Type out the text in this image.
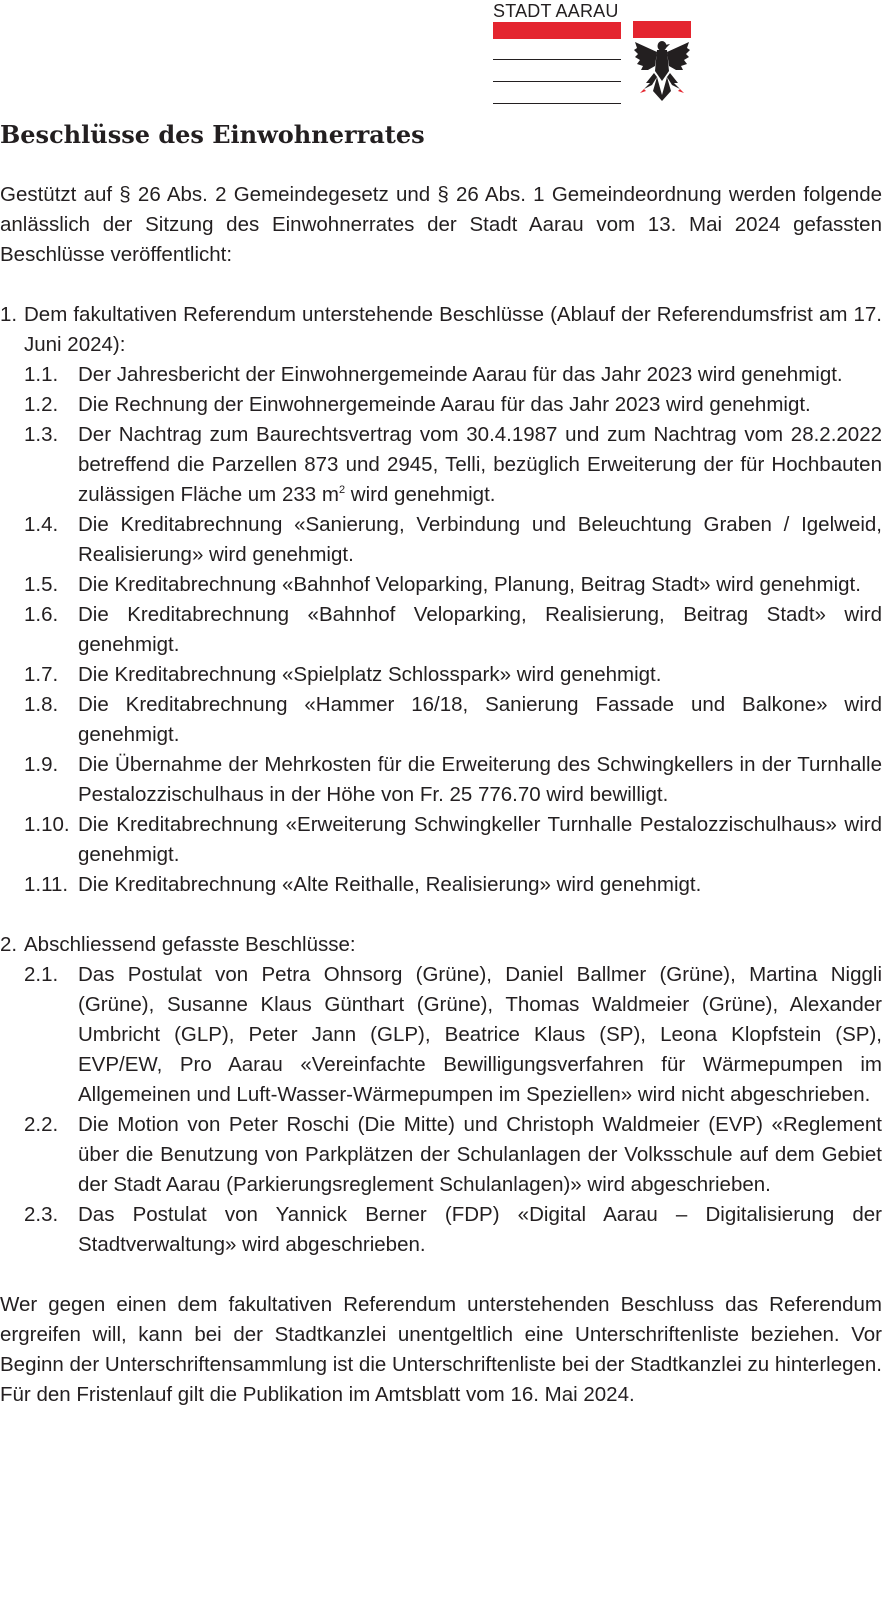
STADT AARAU
Beschlüsse des Einwohnerrates

Gestützt auf § 26 Abs. 2 Gemeindegesetz und § 26 Abs. 1 Gemeindeordnung werden folgende anlässlich der Sitzung des Einwohnerrates der Stadt Aarau vom 13. Mai 2024 gefassten Beschlüsse veröffentlicht:

1. Dem fakultativen Referendum unterstehende Beschlüsse (Ablauf der Referendumsfrist am 17. Juni 2024):
1.1. Der Jahresbericht der Einwohnergemeinde Aarau für das Jahr 2023 wird genehmigt.
1.2. Die Rechnung der Einwohnergemeinde Aarau für das Jahr 2023 wird genehmigt.
1.3. Der Nachtrag zum Baurechtsvertrag vom 30.4.1987 und zum Nachtrag vom 28.2.2022 betreffend die Parzellen 873 und 2945, Telli, bezüglich Erweiterung der für Hochbauten zulässigen Fläche um 233 $m^2$ wird genehmigt.
1.4. Die Kreditabrechnung «Sanierung, Verbindung und Beleuchtung Graben / Igelweid, Realisierung» wird genehmigt.
1.5. Die Kreditabrechnung «Bahnhof Veloparking, Planung, Beitrag Stadt» wird genehmigt.
1.6. Die Kreditabrechnung «Bahnhof Veloparking, Realisierung, Beitrag Stadt» wird genehmigt.
1.7. Die Kreditabrechnung «Spielplatz Schlosspark» wird genehmigt.
1.8. Die Kreditabrechnung «Hammer 16/18, Sanierung Fassade und Balkone» wird genehmigt.
1.9. Die Übernahme der Mehrkosten für die Erweiterung des Schwingkellers in der Turnhalle Pestalozzischulhaus in der Höhe von Fr. 25 776.70 wird bewilligt.
1.10. Die Kreditabrechnung «Erweiterung Schwingkeller Turnhalle Pestalozzischulhaus» wird genehmigt.
1.11. Die Kreditabrechnung «Alte Reithalle, Realisierung» wird genehmigt.
2. Abschliessend gefasste Beschlüsse:
2.1. Das Postulat von Petra Ohnsorg (Grüne), Daniel Ballmer (Grüne), Martina Niggli (Grüne), Susanne Klaus Günthart (Grüne), Thomas Waldmeier (Grüne), Alexander Umbricht (GLP), Peter Jann (GLP), Beatrice Klaus (SP), Leona Klopfstein (SP), EVP/EW, Pro Aarau «Vereinfachte Bewilligungsverfahren für Wärmepumpen im Allgemeinen und Luft-Wasser-Wärmepumpen im Speziellen» wird nicht abgeschrieben.
2.2. Die Motion von Peter Roschi (Die Mitte) und Christoph Waldmeier (EVP) «Reglement über die Benutzung von Parkplätzen der Schulanlagen der Volksschule auf dem Gebiet der Stadt Aarau (Parkierungsreglement Schulanlagen)» wird abgeschrieben.
2.3. Das Postulat von Yannick Berner (FDP) «Digital Aarau – Digitalisierung der Stadtverwaltung» wird abgeschrieben.

Wer gegen einen dem fakultativen Referendum unterstehenden Beschluss das Referendum ergreifen will, kann bei der Stadtkanzlei unentgeltlich eine Unterschriftenliste beziehen. Vor Beginn der Unterschriftensammlung ist die Unterschriftenliste bei der Stadtkanzlei zu hinterlegen. Für den Fristenlauf gilt die Publikation im Amtsblatt vom 16. Mai 2024.
